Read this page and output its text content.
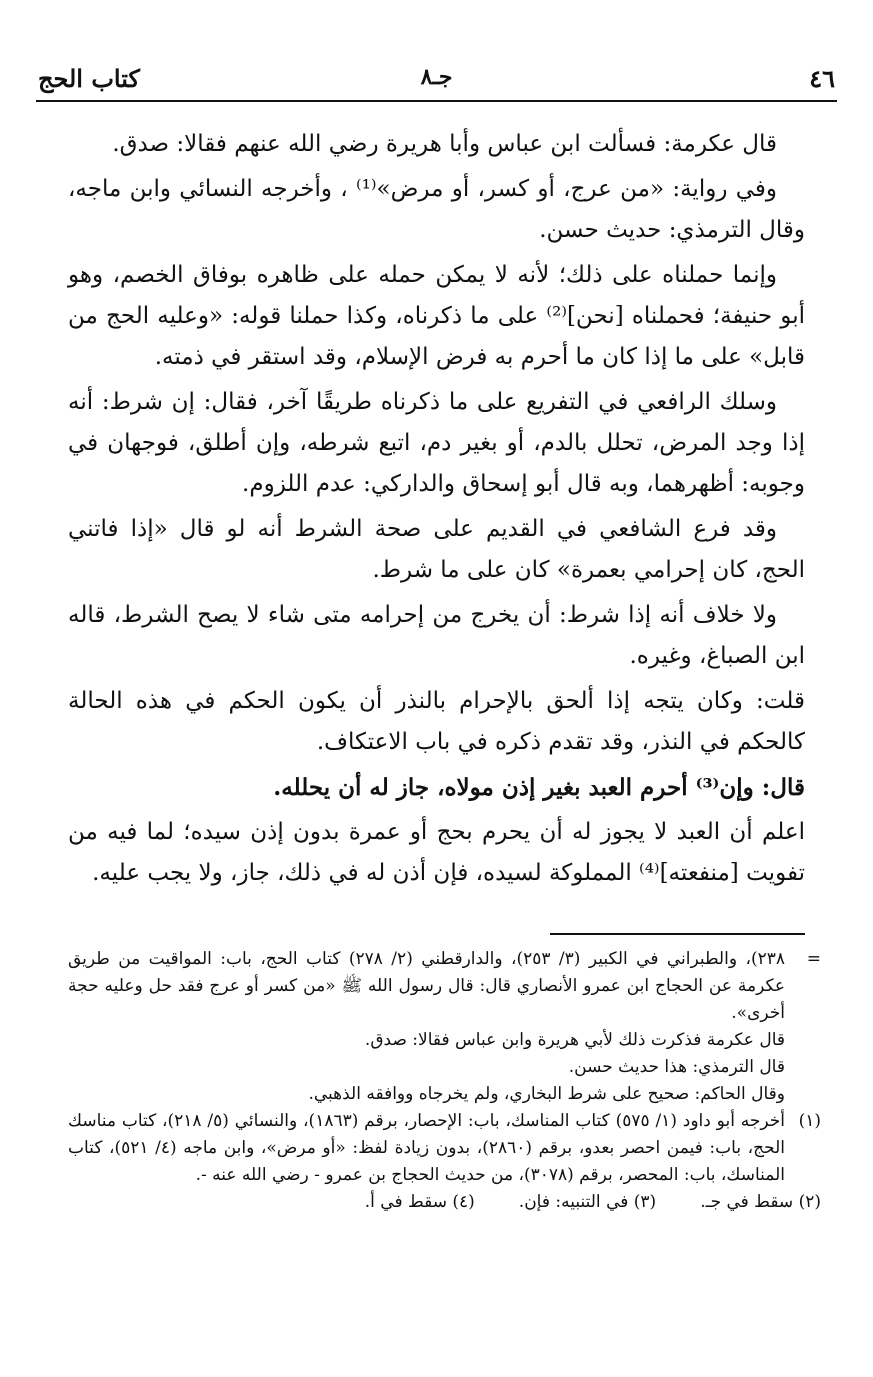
٤٦
جـ٨
كتاب الحج

قال عكرمة: فسألت ابن عباس وأبا هريرة رضي الله عنهم فقالا: صدق.

وفي رواية: «من عرج، أو كسر، أو مرض»⁽¹⁾ ، وأخرجه النسائي وابن ماجه، وقال الترمذي: حديث حسن.

وإنما حملناه على ذلك؛ لأنه لا يمكن حمله على ظاهره بوفاق الخصم، وهو أبو حنيفة؛ فحملناه [نحن]⁽²⁾ على ما ذكرناه، وكذا حملنا قوله: «وعليه الحج من قابل» على ما إذا كان ما أحرم به فرض الإسلام، وقد استقر في ذمته.

وسلك الرافعي في التفريع على ما ذكرناه طريقًا آخر، فقال: إن شرط: أنه إذا وجد المرض، تحلل بالدم، أو بغير دم، اتبع شرطه، وإن أطلق، فوجهان في وجوبه: أظهرهما، وبه قال أبو إسحاق والداركي: عدم اللزوم.

وقد فرع الشافعي في القديم على صحة الشرط أنه لو قال «إذا فاتني الحج، كان إحرامي بعمرة» كان على ما شرط.

ولا خلاف أنه إذا شرط: أن يخرج من إحرامه متى شاء لا يصح الشرط، قاله ابن الصباغ، وغيره.

قلت: وكان يتجه إذا ألحق بالإحرام بالنذر أن يكون الحكم في هذه الحالة كالحكم في النذر، وقد تقدم ذكره في باب الاعتكاف.

قال: وإن⁽³⁾ أحرم العبد بغير إذن مولاه، جاز له أن يحلله.

اعلم أن العبد لا يجوز له أن يحرم بحج أو عمرة بدون إذن سيده؛ لما فيه من تفويت [منفعته]⁽⁴⁾ المملوكة لسيده، فإن أذن له في ذلك، جاز، ولا يجب عليه.

=

٢٣٨)، والطبراني في الكبير (٣/ ٢٥٣)، والدارقطني (٢/ ٢٧٨) كتاب الحج، باب: المواقيت من طريق عكرمة عن الحجاج ابن عمرو الأنصاري قال: قال رسول الله ﷺ «من كسر أو عرج فقد حل وعليه حجة أخرى».

قال عكرمة فذكرت ذلك لأبي هريرة وابن عباس فقالا: صدق.

قال الترمذي: هذا حديث حسن.

وقال الحاكم: صحيح على شرط البخاري، ولم يخرجاه ووافقه الذهبي.

(١)

أخرجه أبو داود (١/ ٥٧٥) كتاب المناسك، باب: الإحصار، برقم (١٨٦٣)، والنسائي (٥/ ٢١٨)، كتاب مناسك الحج، باب: فيمن احصر بعدو، برقم (٢٨٦٠)، بدون زيادة لفظ: «أو مرض»، وابن ماجه (٤/ ٥٢١)، كتاب المناسك، باب: المحصر، برقم (٣٠٧٨)، من حديث الحجاج بن عمرو - رضي الله عنه -.

(٢) سقط في جـ.
(٣) في التنبيه: فإن.
(٤) سقط في أ.
